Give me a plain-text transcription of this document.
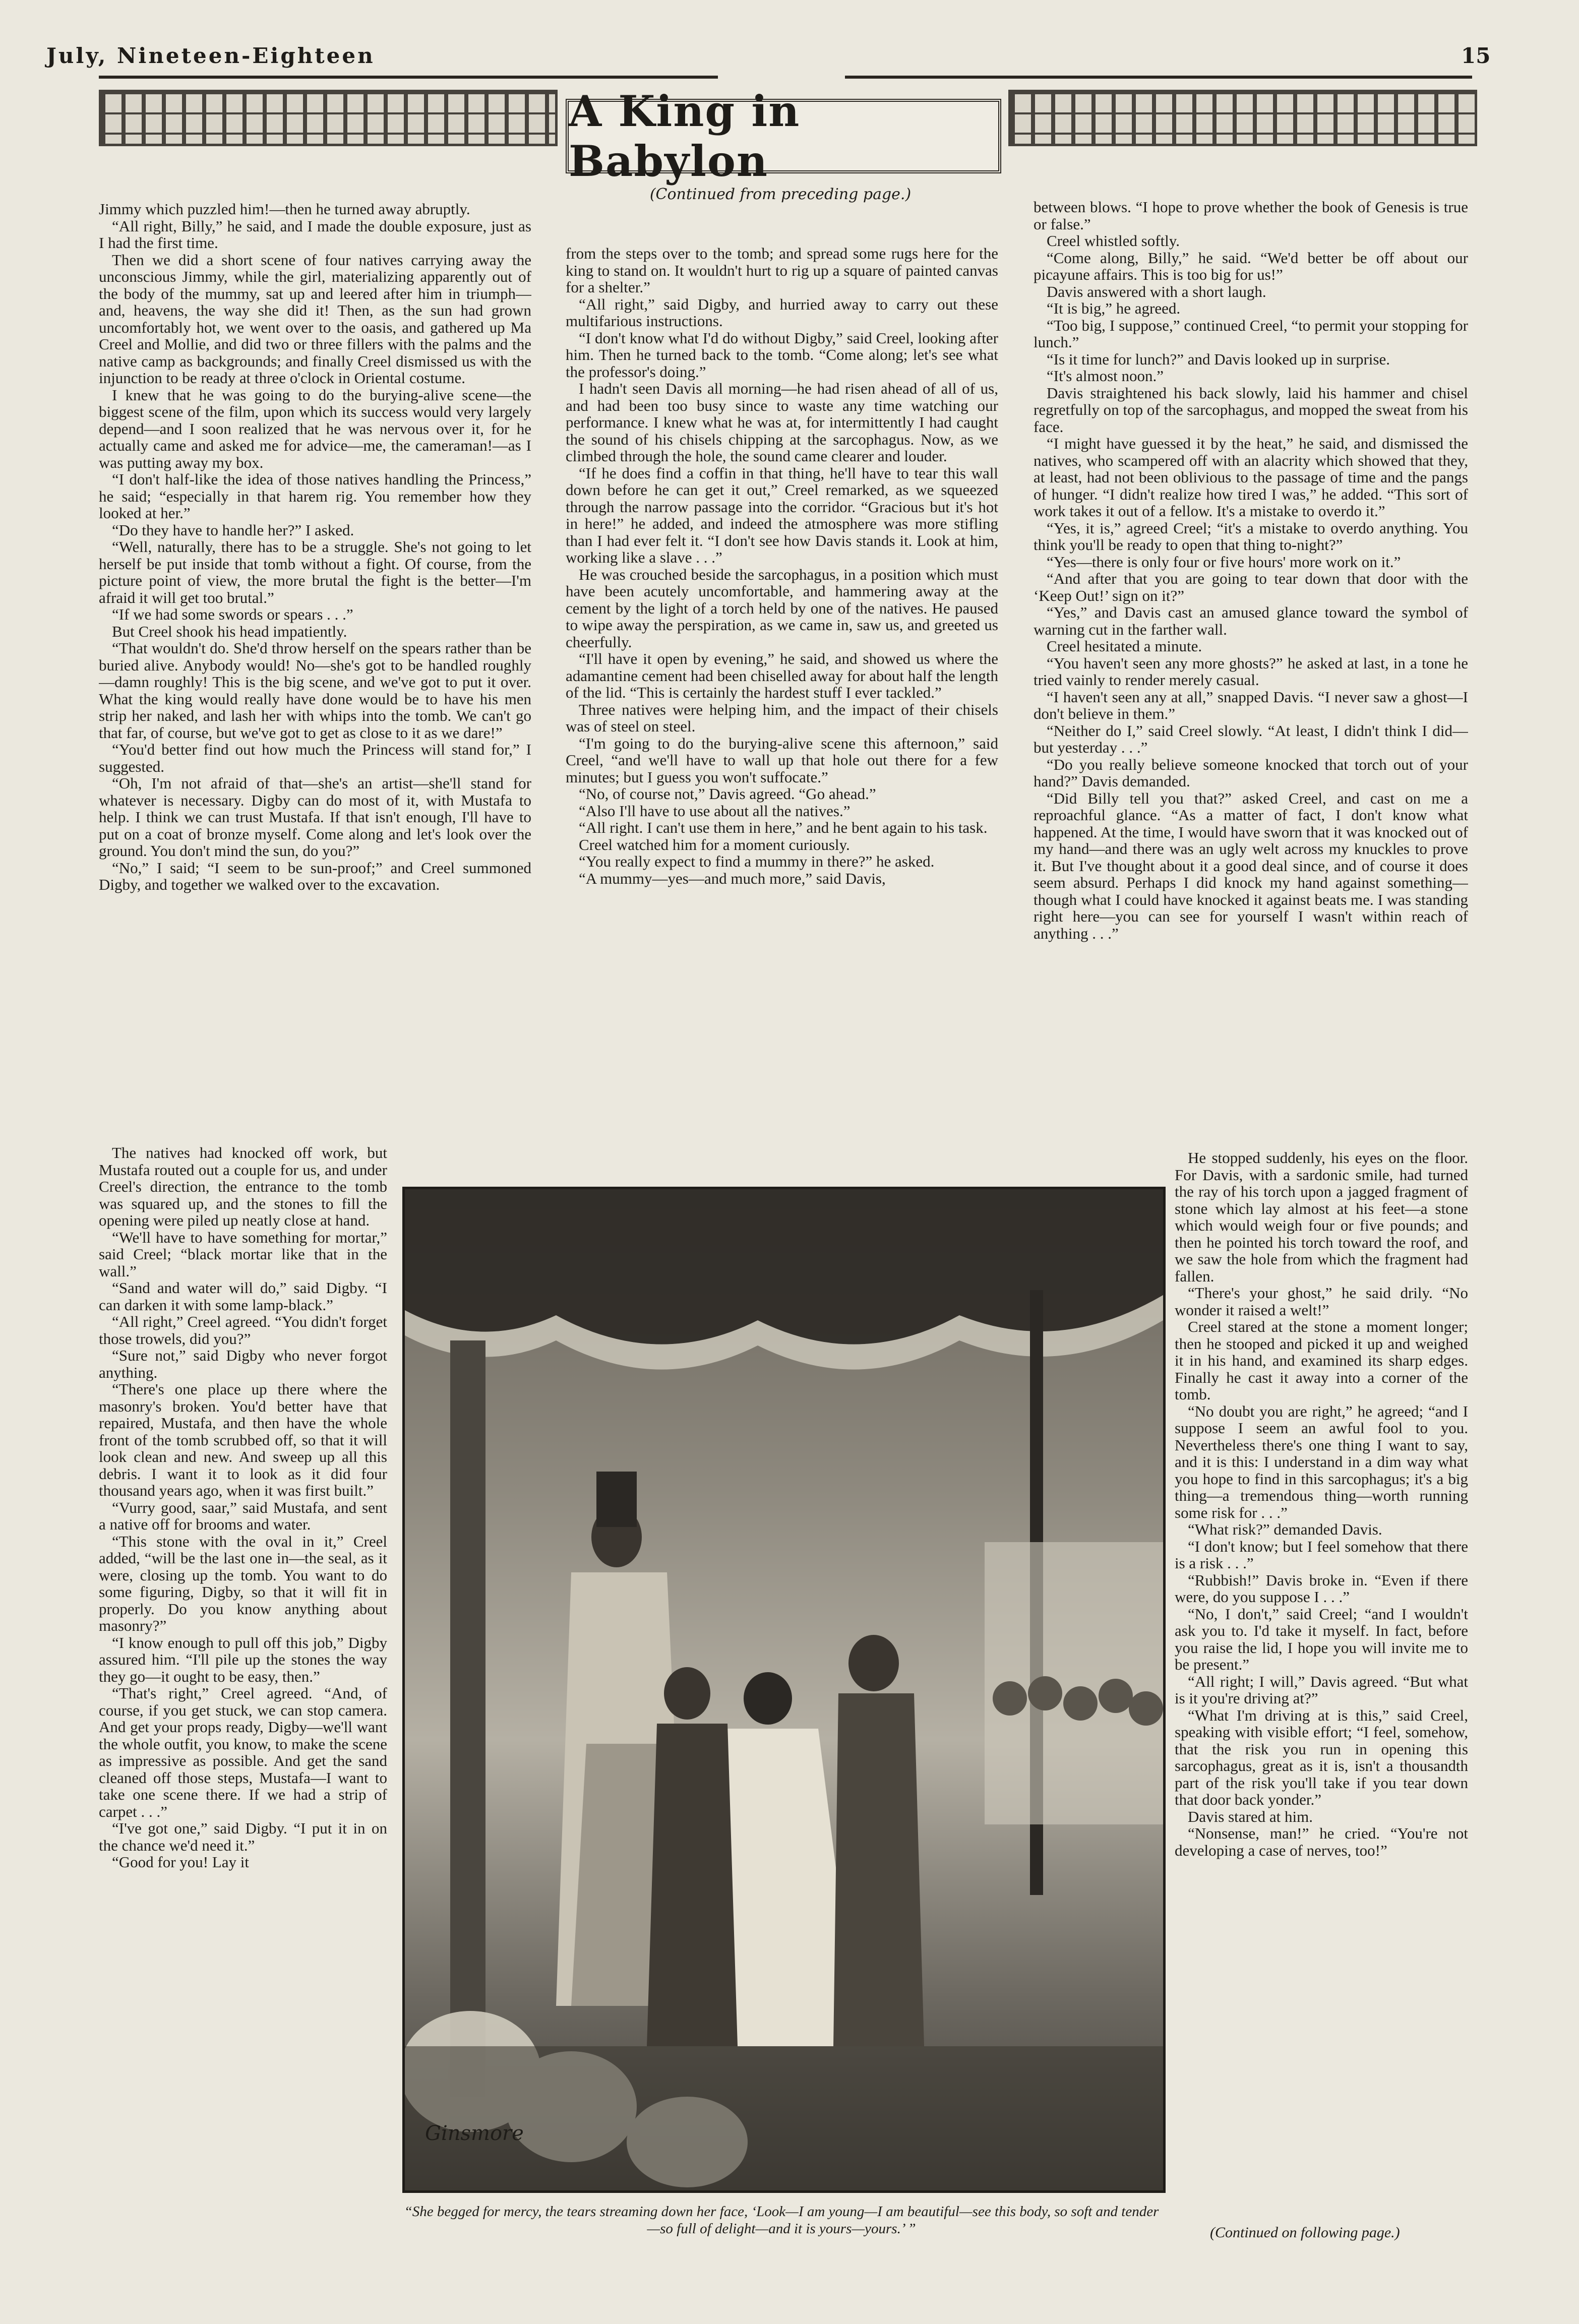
July, Nineteen-Eighteen	15
A King in Babylon
(Continued from preceding page.)

Jimmy which puzzled him!—then he turned away abruptly.

“All right, Billy,” he said, and I made the double exposure, just as I had the first time.

Then we did a short scene of four natives carrying away the unconscious Jimmy, while the girl, materializing apparently out of the body of the mummy, sat up and leered after him in triumph—and, heavens, the way she did it! Then, as the sun had grown uncomfortably hot, we went over to the oasis, and gathered up Ma Creel and Mollie, and did two or three fillers with the palms and the native camp as backgrounds; and finally Creel dismissed us with the injunction to be ready at three o'clock in Oriental costume.

I knew that he was going to do the burying-alive scene—the biggest scene of the film, upon which its success would very largely depend—and I soon realized that he was nervous over it, for he actually came and asked me for advice—me, the cameraman!—as I was putting away my box.

“I don't half-like the idea of those natives handling the Princess,” he said; “especially in that harem rig. You remember how they looked at her.”

“Do they have to handle her?” I asked.

“Well, naturally, there has to be a struggle. She's not going to let herself be put inside that tomb without a fight. Of course, from the picture point of view, the more brutal the fight is the better—I'm afraid it will get too brutal.”

“If we had some swords or spears . . .”

But Creel shook his head impatiently.

“That wouldn't do. She'd throw herself on the spears rather than be buried alive. Anybody would! No—she's got to be handled roughly—damn roughly! This is the big scene, and we've got to put it over. What the king would really have done would be to have his men strip her naked, and lash her with whips into the tomb. We can't go that far, of course, but we've got to get as close to it as we dare!”

“You'd better find out how much the Princess will stand for,” I suggested.

“Oh, I'm not afraid of that—she's an artist—she'll stand for whatever is necessary. Digby can do most of it, with Mustafa to help. I think we can trust Mustafa. If that isn't enough, I'll have to put on a coat of bronze myself. Come along and let's look over the ground. You don't mind the sun, do you?”

“No,” I said; “I seem to be sun-proof;” and Creel summoned Digby, and together we walked over to the excavation.

The natives had knocked off work, but Mustafa routed out a couple for us, and under Creel's direction, the entrance to the tomb was squared up, and the stones to fill the opening were piled up neatly close at hand.

“We'll have to have something for mortar,” said Creel; “black mortar like that in the wall.”

“Sand and water will do,” said Digby. “I can darken it with some lamp-black.”

“All right,” Creel agreed. “You didn't forget those trowels, did you?”

“Sure not,” said Digby who never forgot anything.

“There's one place up there where the masonry's broken. You'd better have that repaired, Mustafa, and then have the whole front of the tomb scrubbed off, so that it will look clean and new. And sweep up all this debris. I want it to look as it did four thousand years ago, when it was first built.”

“Vurry good, saar,” said Mustafa, and sent a native off for brooms and water.

“This stone with the oval in it,” Creel added, “will be the last one in—the seal, as it were, closing up the tomb. You want to do some figuring, Digby, so that it will fit in properly. Do you know anything about masonry?”

“I know enough to pull off this job,” Digby assured him. “I'll pile up the stones the way they go—it ought to be easy, then.”

“That's right,” Creel agreed. “And, of course, if you get stuck, we can stop camera. And get your props ready, Digby—we'll want the whole outfit, you know, to make the scene as impressive as possible. And get the sand cleaned off those steps, Mustafa—I want to take one scene there. If we had a strip of carpet . . .”

“I've got one,” said Digby. “I put it in on the chance we'd need it.”

“Good for you! Lay it

from the steps over to the tomb; and spread some rugs here for the king to stand on. It wouldn't hurt to rig up a square of painted canvas for a shelter.”

“All right,” said Digby, and hurried away to carry out these multifarious instructions.

“I don't know what I'd do without Digby,” said Creel, looking after him. Then he turned back to the tomb. “Come along; let's see what the professor's doing.”

I hadn't seen Davis all morning—he had risen ahead of all of us, and had been too busy since to waste any time watching our performance. I knew what he was at, for intermittently I had caught the sound of his chisels chipping at the sarcophagus. Now, as we climbed through the hole, the sound came clearer and louder.

“If he does find a coffin in that thing, he'll have to tear this wall down before he can get it out,” Creel remarked, as we squeezed through the narrow passage into the corridor. “Gracious but it's hot in here!” he added, and indeed the atmosphere was more stifling than I had ever felt it. “I don't see how Davis stands it. Look at him, working like a slave . . .”

He was crouched beside the sarcophagus, in a position which must have been acutely uncomfortable, and hammering away at the cement by the light of a torch held by one of the natives. He paused to wipe away the perspiration, as we came in, saw us, and greeted us cheerfully.

“I'll have it open by evening,” he said, and showed us where the adamantine cement had been chiselled away for about half the length of the lid. “This is certainly the hardest stuff I ever tackled.”

Three natives were helping him, and the impact of their chisels was of steel on steel.

“I'm going to do the burying-alive scene this afternoon,” said Creel, “and we'll have to wall up that hole out there for a few minutes; but I guess you won't suffocate.”

“No, of course not,” Davis agreed. “Go ahead.”

“Also I'll have to use about all the natives.”

“All right. I can't use them in here,” and he bent again to his task.

Creel watched him for a moment curiously.

“You really expect to find a mummy in there?” he asked.

“A mummy—yes—and much more,” said Davis,

between blows. “I hope to prove whether the book of Genesis is true or false.”

Creel whistled softly.

“Come along, Billy,” he said. “We'd better be off about our picayune affairs. This is too big for us!”

Davis answered with a short laugh.

“It is big,” he agreed.

“Too big, I suppose,” continued Creel, “to permit your stopping for lunch.”

“Is it time for lunch?” and Davis looked up in surprise.

“It's almost noon.”

Davis straightened his back slowly, laid his hammer and chisel regretfully on top of the sarcophagus, and mopped the sweat from his face.

“I might have guessed it by the heat,” he said, and dismissed the natives, who scampered off with an alacrity which showed that they, at least, had not been oblivious to the passage of time and the pangs of hunger. “I didn't realize how tired I was,” he added. “This sort of work takes it out of a fellow. It's a mistake to overdo it.”

“Yes, it is,” agreed Creel; “it's a mistake to overdo anything. You think you'll be ready to open that thing to-night?”

“Yes—there is only four or five hours' more work on it.”

“And after that you are going to tear down that door with the ‘Keep Out!’ sign on it?”

“Yes,” and Davis cast an amused glance toward the symbol of warning cut in the farther wall.

Creel hesitated a minute.

“You haven't seen any more ghosts?” he asked at last, in a tone he tried vainly to render merely casual.

“I haven't seen any at all,” snapped Davis. “I never saw a ghost—I don't believe in them.”

“Neither do I,” said Creel slowly. “At least, I didn't think I did—but yesterday . . .”

“Do you really believe someone knocked that torch out of your hand?” Davis demanded.

“Did Billy tell you that?” asked Creel, and cast on me a reproachful glance. “As a matter of fact, I don't know what happened. At the time, I would have sworn that it was knocked out of my hand—and there was an ugly welt across my knuckles to prove it. But I've thought about it a good deal since, and of course it does seem absurd. Perhaps I did knock my hand against something—though what I could have knocked it against beats me. I was standing right here—you can see for yourself I wasn't within reach of anything . . .”

He stopped suddenly, his eyes on the floor. For Davis, with a sardonic smile, had turned the ray of his torch upon a jagged fragment of stone which lay almost at his feet—a stone which would weigh four or five pounds; and then he pointed his torch toward the roof, and we saw the hole from which the fragment had fallen.

“There's your ghost,” he said drily. “No wonder it raised a welt!”

Creel stared at the stone a moment longer; then he stooped and picked it up and weighed it in his hand, and examined its sharp edges. Finally he cast it away into a corner of the tomb.

“No doubt you are right,” he agreed; “and I suppose I seem an awful fool to you. Nevertheless there's one thing I want to say, and it is this: I understand in a dim way what you hope to find in this sarcophagus; it's a big thing—a tremendous thing—worth running some risk for . . .”

“What risk?” demanded Davis.

“I don't know; but I feel somehow that there is a risk . . .”

“Rubbish!” Davis broke in. “Even if there were, do you suppose I . . .”

“No, I don't,” said Creel; “and I wouldn't ask you to. I'd take it myself. In fact, before you raise the lid, I hope you will invite me to be present.”

“All right; I will,” Davis agreed. “But what is it you're driving at?”

“What I'm driving at is this,” said Creel, speaking with visible effort; “I feel, somehow, that the risk you run in opening this sarcophagus, great as it is, isn't a thousandth part of the risk you'll take if you tear down that door back yonder.”

Davis stared at him.

“Nonsense, man!” he cried. “You're not developing a case of nerves, too!”

(Continued on following page.)
Ginsmore
“She begged for mercy, the tears streaming down her face, ‘Look—I am young—I am beautiful—see this body, so soft and tender—so full of delight—and it is yours—yours.’ ”
